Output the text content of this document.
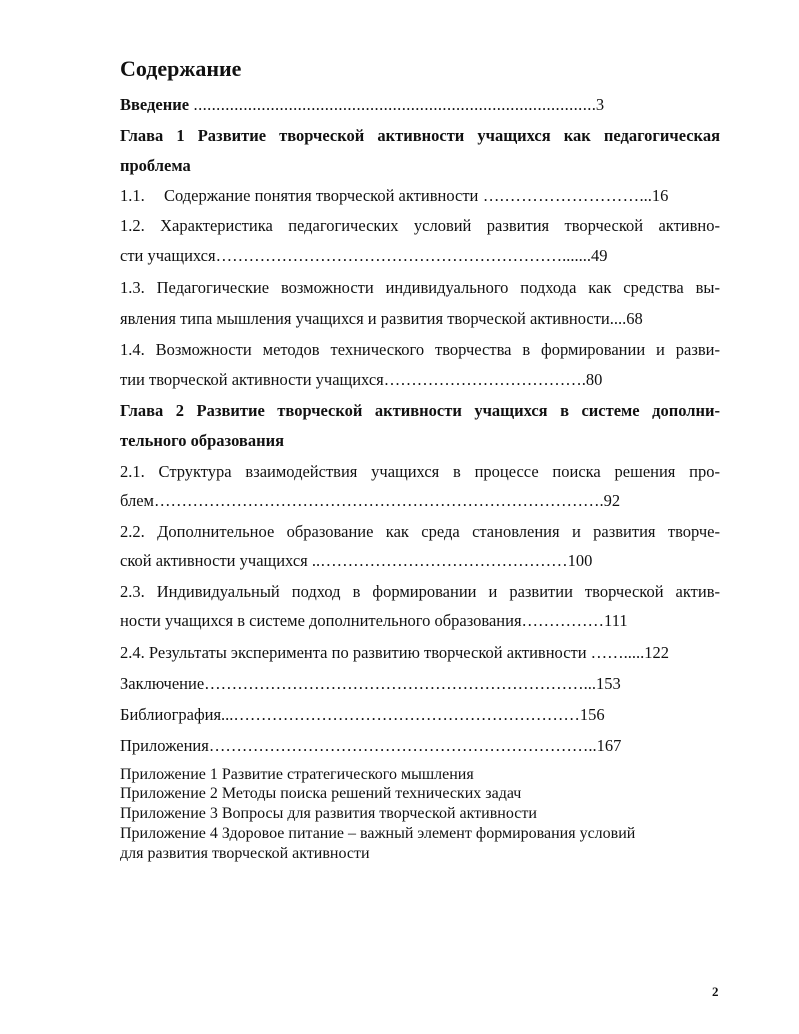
Содержание
Введение .........................................................................................3
Глава 1 Развитие творческой активности учащихся как педагогическая
проблема
1.1. Содержание понятия творческой активности ….……………………...16
1.2. Характеристика педагогических условий развития творческой активно-
сти учащихся……………………………………………………….......49
1.3. Педагогические возможности индивидуального подхода как средства вы-
явления типа мышления учащихся и развития творческой активности....68
1.4. Возможности методов технического творчества в формировании и разви-
тии творческой активности учащихся……………………………….80
Глава 2 Развитие творческой активности учащихся в системе дополни-
тельного образования
2.1. Структура взаимодействия учащихся в процессе поиска решения про-
блем……………………………………………………………………….92
2.2. Дополнительное образование как среда становления и развития творче-
ской активности учащихся ..………………………………………100
2.3. Индивидуальный подход в формировании и развитии творческой актив-
ности учащихся в системе дополнительного образования……………111
2.4. Результаты эксперимента по развитию творческой активности …….....122
Заключение……………………………………………………………...153
Библиография...………………………………………………………156
Приложения……………………………………………………………..167
Приложение 1 Развитие стратегического мышления
Приложение 2 Методы поиска решений технических задач
Приложение 3 Вопросы для развития творческой активности
Приложение 4 Здоровое питание – важный элемент формирования условий
для развития творческой активности
2
